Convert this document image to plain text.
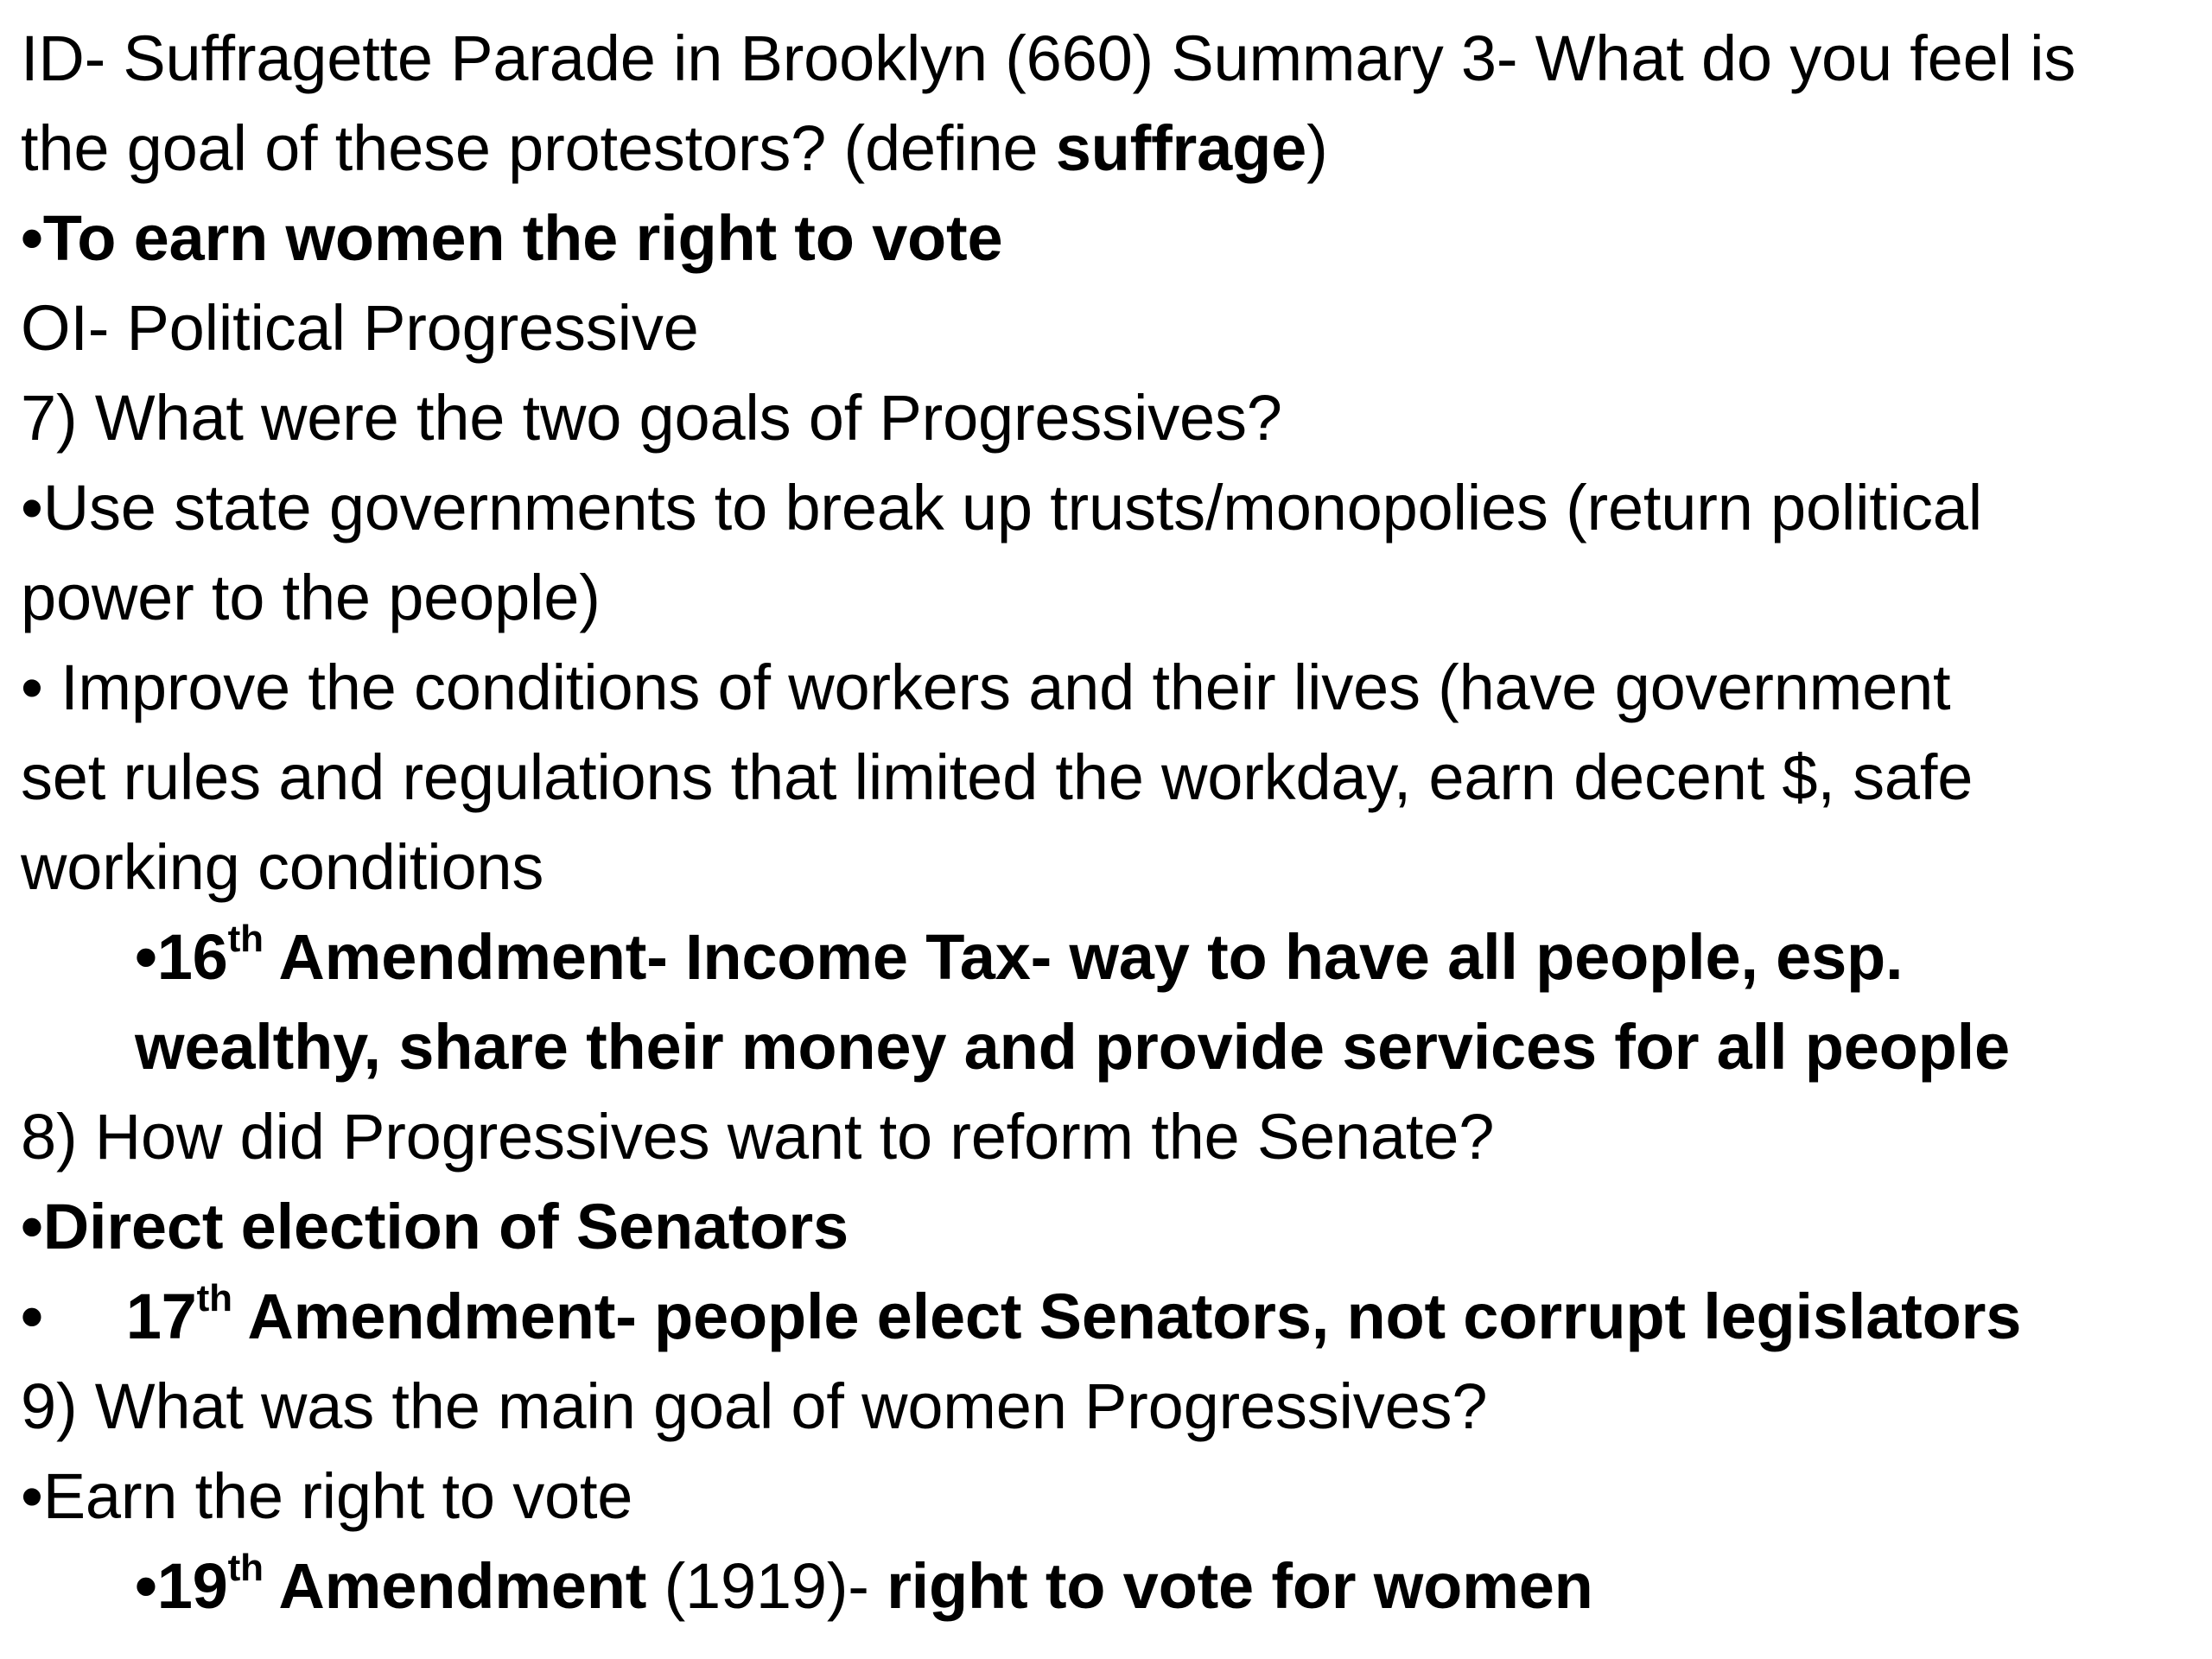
ID- Suffragette Parade in Brooklyn (660) Summary 3- What do you feel is
the goal of these protestors? (define suffrage)
•To earn women the right to vote
OI- Political Progressive
7) What were the two goals of Progressives?
•Use state governments to break up trusts/monopolies (return political
power to the people)
• Improve the conditions of workers and their lives (have government
set rules and regulations that limited the workday, earn decent $, safe
working conditions
•16th Amendment- Income Tax- way to have all people, esp.
wealthy, share their money and provide services for all people
8) How did Progressives want to reform the Senate?
•Direct election of Senators
• 17th Amendment- people elect Senators, not corrupt legislators
9) What was the main goal of women Progressives?
•Earn the right to vote
•19th Amendment (1919)- right to vote for women
